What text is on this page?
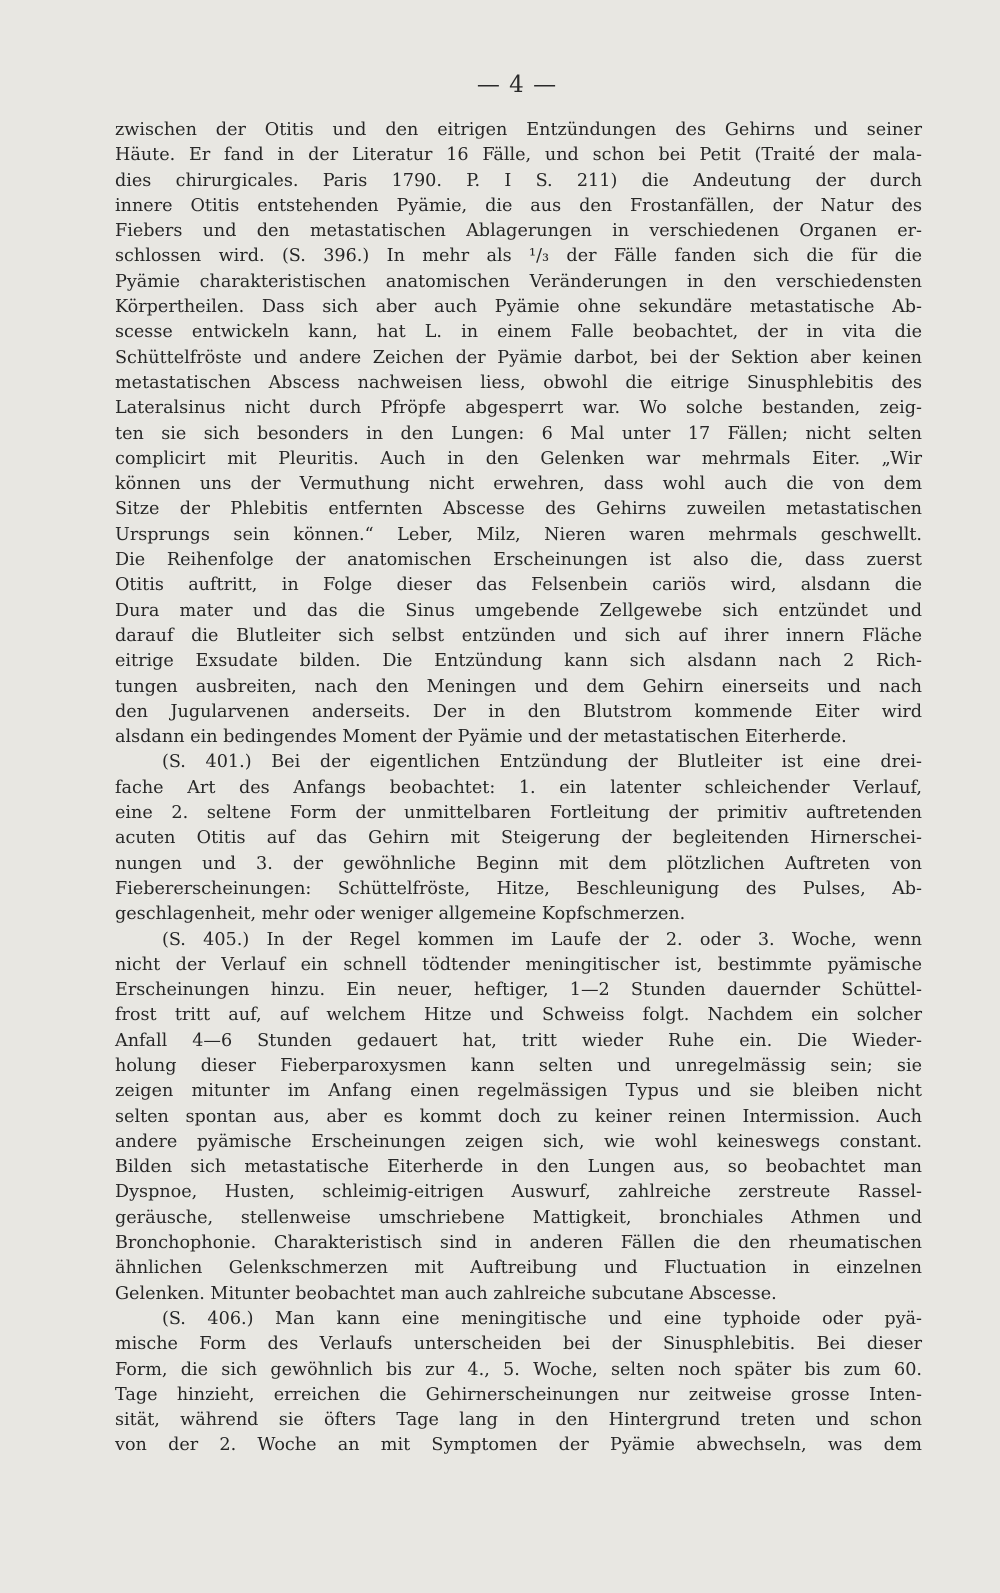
— 4 —
zwischen der Otitis und den eitrigen Entzündungen des Gehirns und seiner
Häute. Er fand in der Literatur 16 Fälle, und schon bei Petit (Traité der mala-
dies chirurgicales. Paris 1790. P. I S. 211) die Andeutung der durch
innere Otitis entstehenden Pyämie, die aus den Frostanfällen, der Natur des
Fiebers und den metastatischen Ablagerungen in verschiedenen Organen er-
schlossen wird. (S. 396.) In mehr als ¹/₃ der Fälle fanden sich die für die
Pyämie charakteristischen anatomischen Veränderungen in den verschiedensten
Körpertheilen. Dass sich aber auch Pyämie ohne sekundäre metastatische Ab-
scesse entwickeln kann, hat L. in einem Falle beobachtet, der in vita die
Schüttelfröste und andere Zeichen der Pyämie darbot, bei der Sektion aber keinen
metastatischen Abscess nachweisen liess, obwohl die eitrige Sinusphlebitis des
Lateralsinus nicht durch Pfröpfe abgesperrt war. Wo solche bestanden, zeig-
ten sie sich besonders in den Lungen: 6 Mal unter 17 Fällen; nicht selten
complicirt mit Pleuritis. Auch in den Gelenken war mehrmals Eiter. „Wir
können uns der Vermuthung nicht erwehren, dass wohl auch die von dem
Sitze der Phlebitis entfernten Abscesse des Gehirns zuweilen metastatischen
Ursprungs sein können.“ Leber, Milz, Nieren waren mehrmals geschwellt.
Die Reihenfolge der anatomischen Erscheinungen ist also die, dass zuerst
Otitis auftritt, in Folge dieser das Felsenbein cariös wird, alsdann die
Dura mater und das die Sinus umgebende Zellgewebe sich entzündet und
darauf die Blutleiter sich selbst entzünden und sich auf ihrer innern Fläche
eitrige Exsudate bilden. Die Entzündung kann sich alsdann nach 2 Rich-
tungen ausbreiten, nach den Meningen und dem Gehirn einerseits und nach
den Jugularvenen anderseits. Der in den Blutstrom kommende Eiter wird
alsdann ein bedingendes Moment der Pyämie und der metastatischen Eiterherde.
(S. 401.) Bei der eigentlichen Entzündung der Blutleiter ist eine drei-
fache Art des Anfangs beobachtet: 1. ein latenter schleichender Verlauf,
eine 2. seltene Form der unmittelbaren Fortleitung der primitiv auftretenden
acuten Otitis auf das Gehirn mit Steigerung der begleitenden Hirnerschei-
nungen und 3. der gewöhnliche Beginn mit dem plötzlichen Auftreten von
Fiebererscheinungen: Schüttelfröste, Hitze, Beschleunigung des Pulses, Ab-
geschlagenheit, mehr oder weniger allgemeine Kopfschmerzen.
(S. 405.) In der Regel kommen im Laufe der 2. oder 3. Woche, wenn
nicht der Verlauf ein schnell tödtender meningitischer ist, bestimmte pyämische
Erscheinungen hinzu. Ein neuer, heftiger, 1—2 Stunden dauernder Schüttel-
frost tritt auf, auf welchem Hitze und Schweiss folgt. Nachdem ein solcher
Anfall 4—6 Stunden gedauert hat, tritt wieder Ruhe ein. Die Wieder-
holung dieser Fieberparoxysmen kann selten und unregelmässig sein; sie
zeigen mitunter im Anfang einen regelmässigen Typus und sie bleiben nicht
selten spontan aus, aber es kommt doch zu keiner reinen Intermission. Auch
andere pyämische Erscheinungen zeigen sich, wie wohl keineswegs constant.
Bilden sich metastatische Eiterherde in den Lungen aus, so beobachtet man
Dyspnoe, Husten, schleimig-eitrigen Auswurf, zahlreiche zerstreute Rassel-
geräusche, stellenweise umschriebene Mattigkeit, bronchiales Athmen und
Bronchophonie. Charakteristisch sind in anderen Fällen die den rheumatischen
ähnlichen Gelenkschmerzen mit Auftreibung und Fluctuation in einzelnen
Gelenken. Mitunter beobachtet man auch zahlreiche subcutane Abscesse.
(S. 406.) Man kann eine meningitische und eine typhoide oder pyä-
mische Form des Verlaufs unterscheiden bei der Sinusphlebitis. Bei dieser
Form, die sich gewöhnlich bis zur 4., 5. Woche, selten noch später bis zum 60.
Tage hinzieht, erreichen die Gehirnerscheinungen nur zeitweise grosse Inten-
sität, während sie öfters Tage lang in den Hintergrund treten und schon
von der 2. Woche an mit Symptomen der Pyämie abwechseln, was dem
